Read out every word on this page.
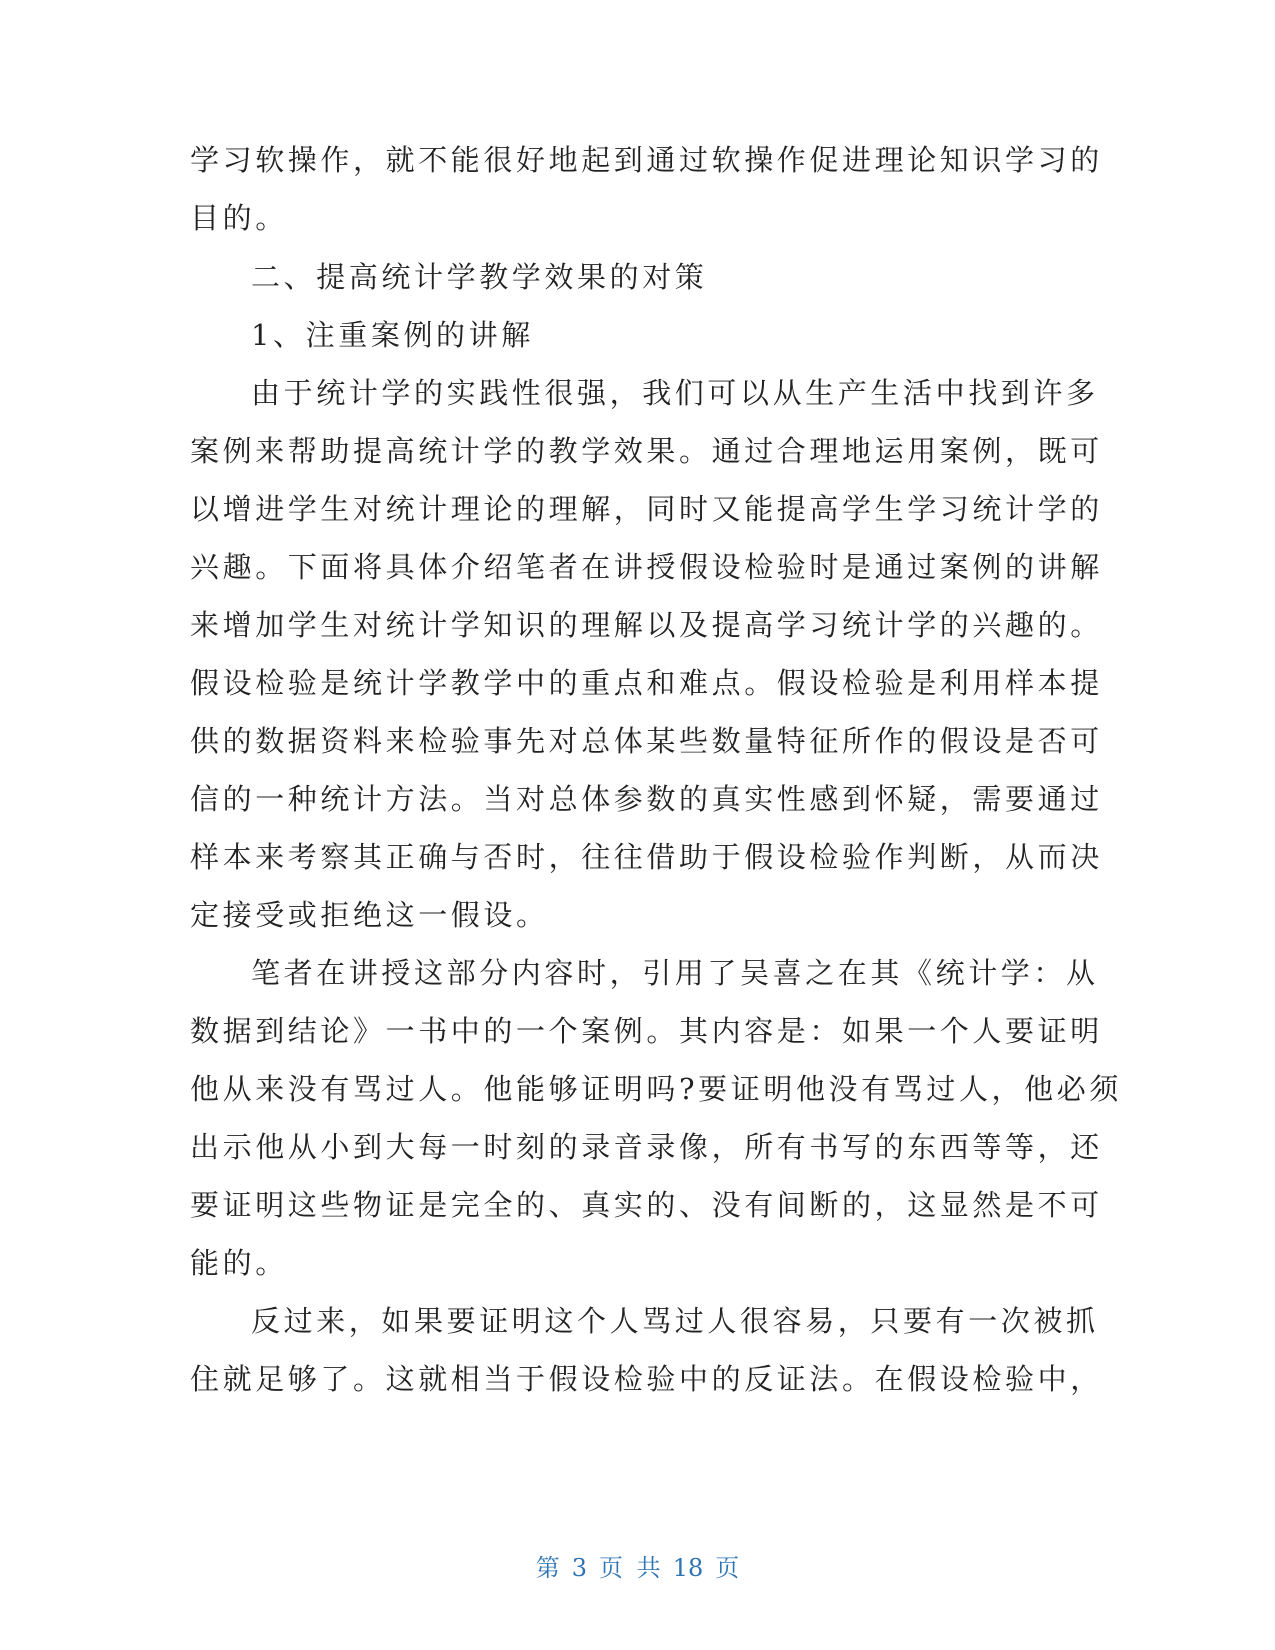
学习软操作，就不能很好地起到通过软操作促进理论知识学习的
目的。
二、提高统计学教学效果的对策
1、注重案例的讲解
由于统计学的实践性很强，我们可以从生产生活中找到许多
案例来帮助提高统计学的教学效果。通过合理地运用案例，既可
以增进学生对统计理论的理解，同时又能提高学生学习统计学的
兴趣。下面将具体介绍笔者在讲授假设检验时是通过案例的讲解
来增加学生对统计学知识的理解以及提高学习统计学的兴趣的。
假设检验是统计学教学中的重点和难点。假设检验是利用样本提
供的数据资料来检验事先对总体某些数量特征所作的假设是否可
信的一种统计方法。当对总体参数的真实性感到怀疑，需要通过
样本来考察其正确与否时，往往借助于假设检验作判断，从而决
定接受或拒绝这一假设。
笔者在讲授这部分内容时，引用了吴喜之在其《统计学：从
数据到结论》一书中的一个案例。其内容是：如果一个人要证明
他从来没有骂过人。他能够证明吗?要证明他没有骂过人，他必须
出示他从小到大每一时刻的录音录像，所有书写的东西等等，还
要证明这些物证是完全的、真实的、没有间断的，这显然是不可
能的。
反过来，如果要证明这个人骂过人很容易，只要有一次被抓
住就足够了。这就相当于假设检验中的反证法。在假设检验中，
第 3 页 共 18 页
